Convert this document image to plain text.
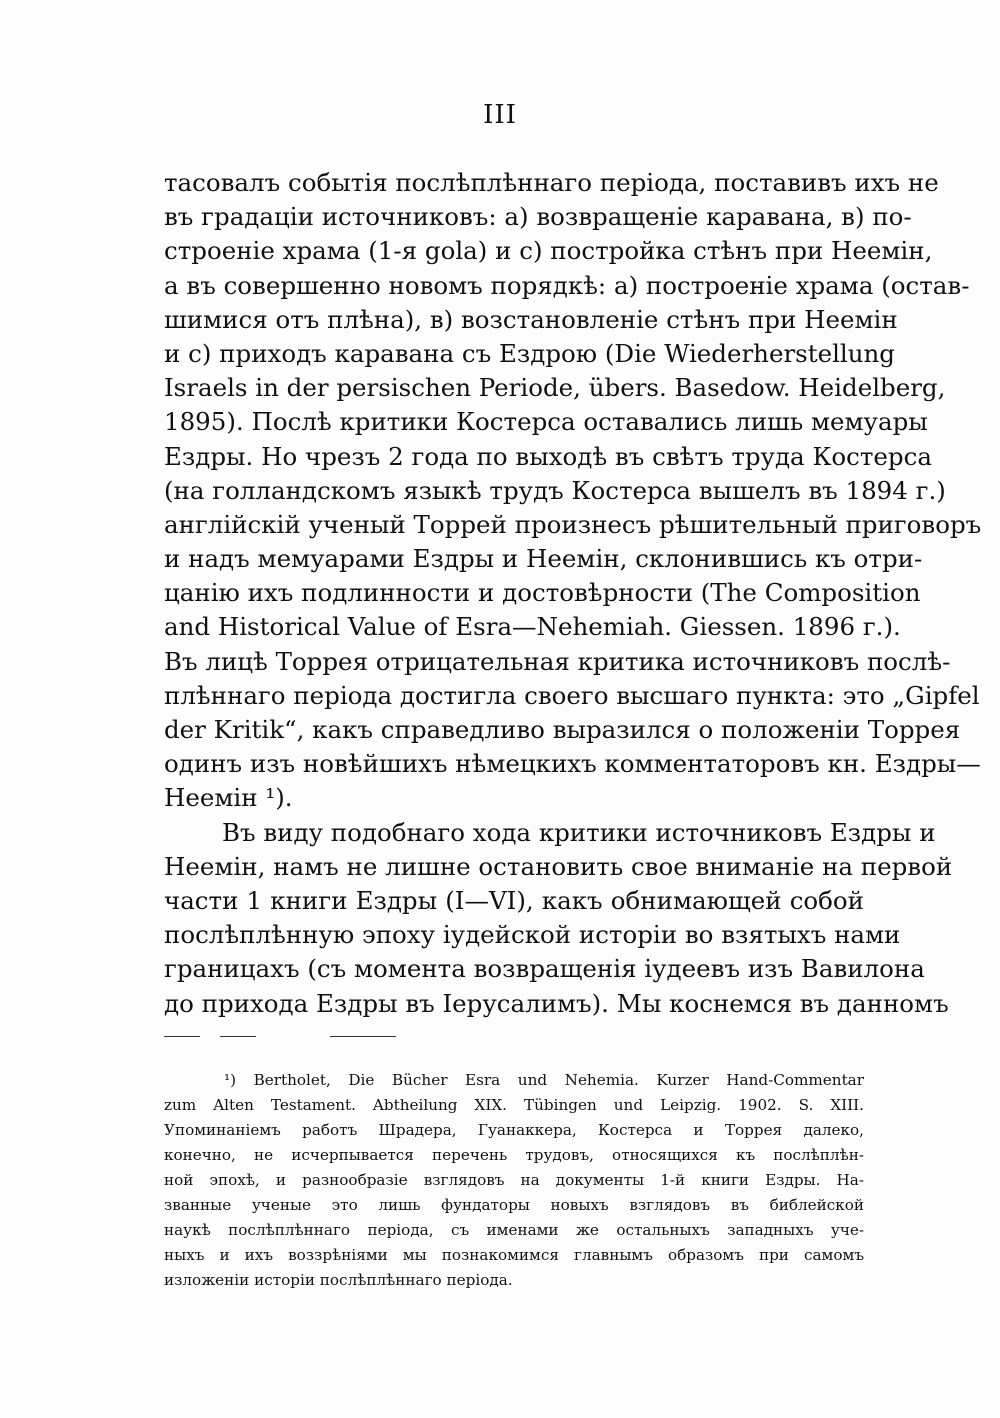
III
тасовалъ событія послѣплѣннаго періода, поставивъ ихъ не
въ градаціи источниковъ: а) возвращеніе каравана, в) по-
строеніе храма (1-я gola) и с) постройка стѣнъ при Неемін,
а въ совершенно новомъ порядкѣ: а) построеніе храма (остав-
шимися отъ плѣна), в) возстановленіе стѣнъ при Неемін
и с) приходъ каравана съ Ездрою (Die Wiederherstellung
Israels in der persischen Periode, übers. Basedow. Heidelberg,
1895). Послѣ критики Костерса оставались лишь мемуары
Ездры. Но чрезъ 2 года по выходѣ въ свѣтъ труда Костерса
(на голландскомъ языкѣ трудъ Костерса вышелъ въ 1894 г.)
англійскій ученый Торрей произнесъ рѣшительный приговоръ
и надъ мемуарами Ездры и Неемін, склонившись къ отри-
цанію ихъ подлинности и достовѣрности (The Composition
and Historical Value of Esra—Nehemiah. Giessen. 1896 г.).
Въ лицѣ Торрея отрицательная критика источниковъ послѣ-
плѣннаго періода достигла своего высшаго пункта: это „Gipfel
der Kritik“, какъ справедливо выразился о положеніи Торрея
одинъ изъ новѣйшихъ нѣмецкихъ комментаторовъ кн. Ездры—
Неемін ¹).
Въ виду подобнаго хода критики источниковъ Ездры и
Неемін, намъ не лишне остановить свое вниманіе на первой
части 1 книги Ездры (I—VI), какъ обнимающей собой
послѣплѣнную эпоху іудейской исторіи во взятыхъ нами
границахъ (съ момента возвращенія іудеевъ изъ Вавилона
до прихода Ездры въ Іерусалимъ). Мы коснемся въ данномъ
¹) Bertholet, Die Bücher Esra und Nehemia. Kurzer Hand-Commentar
zum Alten Testament. Abtheilung XIX. Tübingen und Leipzig. 1902. S. XIII.
Упоминаніемъ работъ Шрадера, Гуанаккера, Костерса и Торрея далеко,
конечно, не исчерпывается перечень трудовъ, относящихся къ послѣплѣн-
ной эпохѣ, и разнообразіе взглядовъ на документы 1-й книги Ездры. На-
званные ученые это лишь фундаторы новыхъ взглядовъ въ библейской
наукѣ послѣплѣннаго періода, съ именами же остальныхъ западныхъ уче-
ныхъ и ихъ воззрѣніями мы познакомимся главнымъ образомъ при самомъ
изложеніи исторіи послѣплѣннаго періода.
